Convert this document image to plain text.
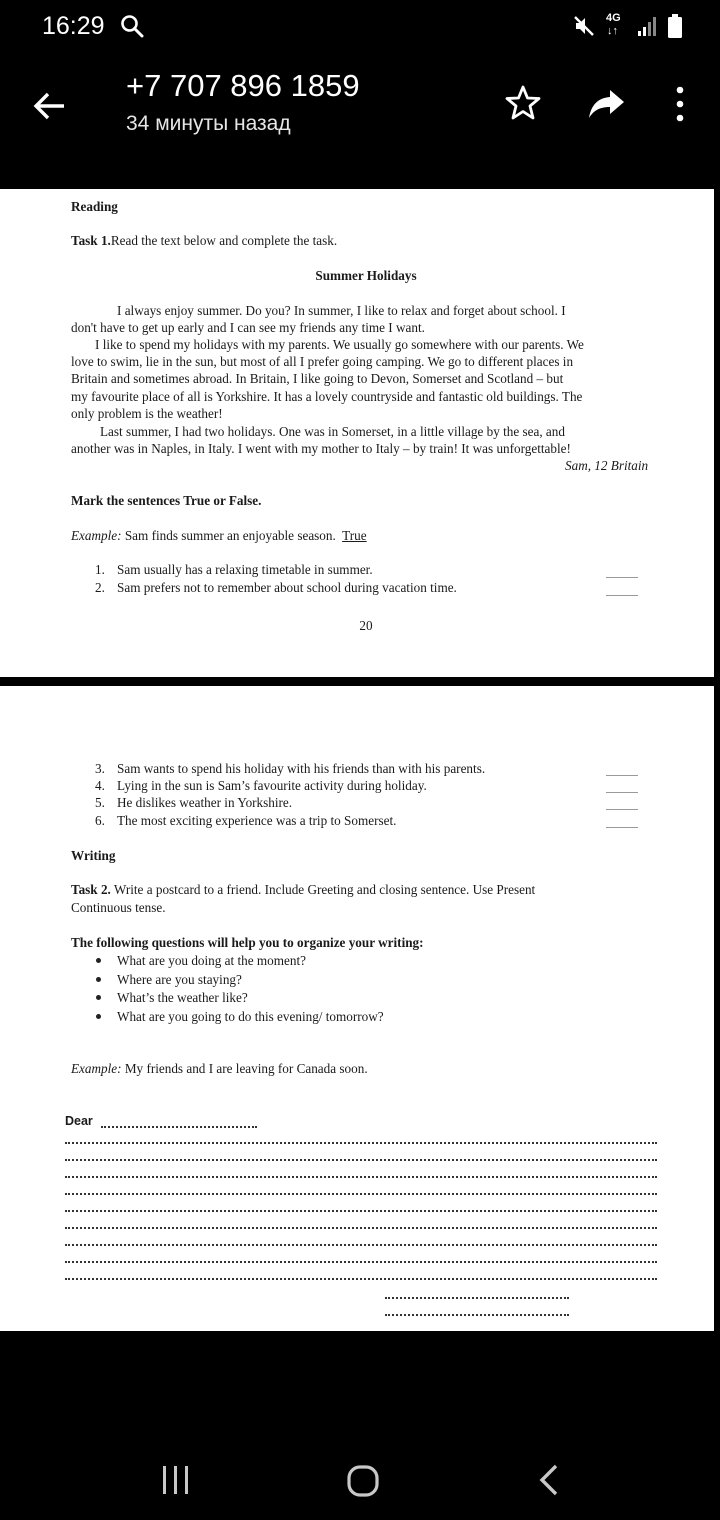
16:29	4G
↓↑
+7 707 896 1859
34 минуты назад
Reading
Task 1.Read the text below and complete the task.
Summer Holidays
I always enjoy summer. Do you? In summer, I like to relax and forget about school. I
don't have to get up early and I can see my friends any time I want.
I like to spend my holidays with my parents. We usually go somewhere with our parents. We
love to swim, lie in the sun, but most of all I prefer going camping. We go to different places in
Britain and sometimes abroad. In Britain, I like going to Devon, Somerset and Scotland – but
my favourite place of all is Yorkshire. It has a lovely countryside and fantastic old buildings. The
only problem is the weather!
Last summer, I had two holidays. One was in Somerset, in a little village by the sea, and
another was in Naples, in Italy. I went with my mother to Italy – by train! It was unforgettable!
Sam, 12 Britain
Mark the sentences True or False.
Example: Sam finds summer an enjoyable season. True
1. Sam usually has a relaxing timetable in summer.
2. Sam prefers not to remember about school during vacation time.
20
3. Sam wants to spend his holiday with his friends than with his parents.
4. Lying in the sun is Sam’s favourite activity during holiday.
5. He dislikes weather in Yorkshire.
6. The most exciting experience was a trip to Somerset.
Writing
Task 2. Write a postcard to a friend. Include Greeting and closing sentence. Use Present
Continuous tense.
The following questions will help you to organize your writing:
What are you doing at the moment?
Where are you staying?
What’s the weather like?
What are you going to do this evening/ tomorrow?
Example: My friends and I are leaving for Canada soon.
Dear
